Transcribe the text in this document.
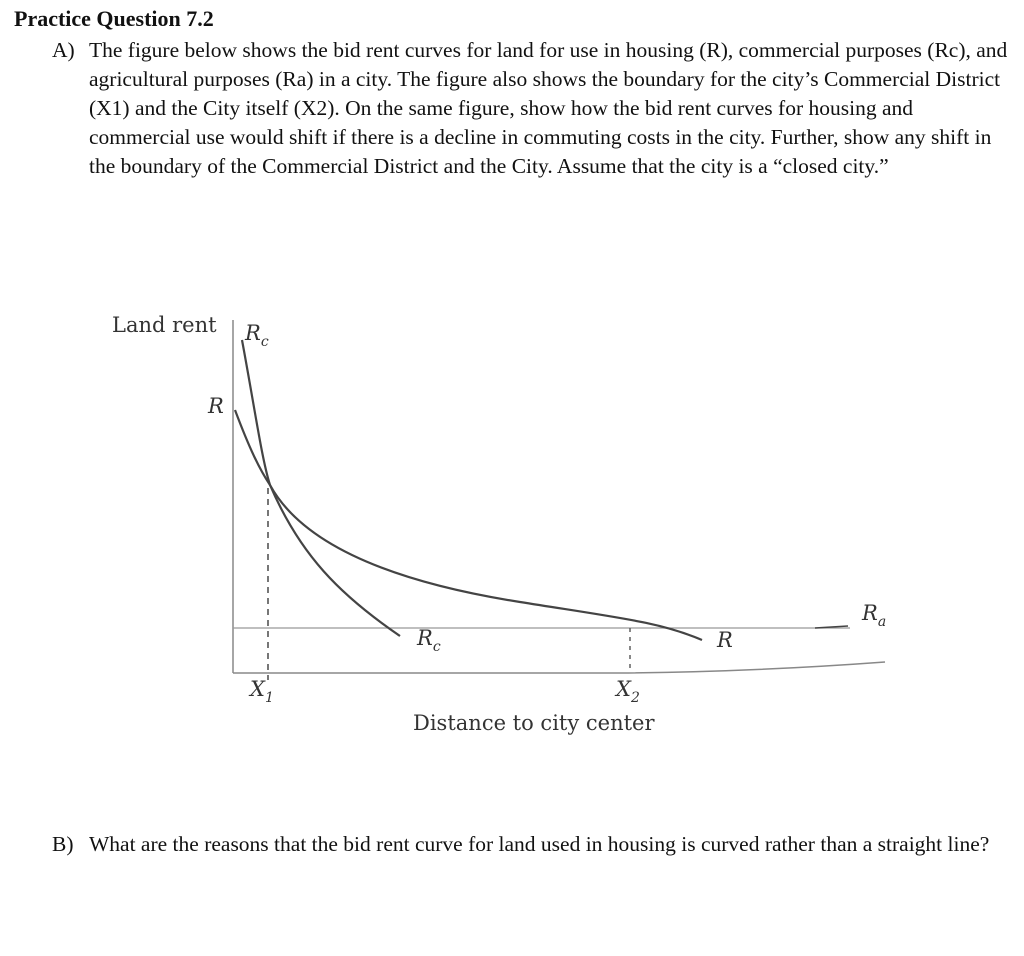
Practice Question 7.2
A) The figure below shows the bid rent curves for land for use in housing (R), commercial purposes (Rc), and agricultural purposes (Ra) in a city. The figure also shows the boundary for the city’s Commercial District (X1) and the City itself (X2). On the same figure, show how the bid rent curves for housing and commercial use would shift if there is a decline in commuting costs in the city. Further, show any shift in the boundary of the Commercial District and the City. Assume that the city is a “closed city.”
Land rent $R_c$
R
$R_c$	R
$R_a$
$X_1$	$X_2$
Distance to city center
B) What are the reasons that the bid rent curve for land used in housing is curved rather than a straight line?
